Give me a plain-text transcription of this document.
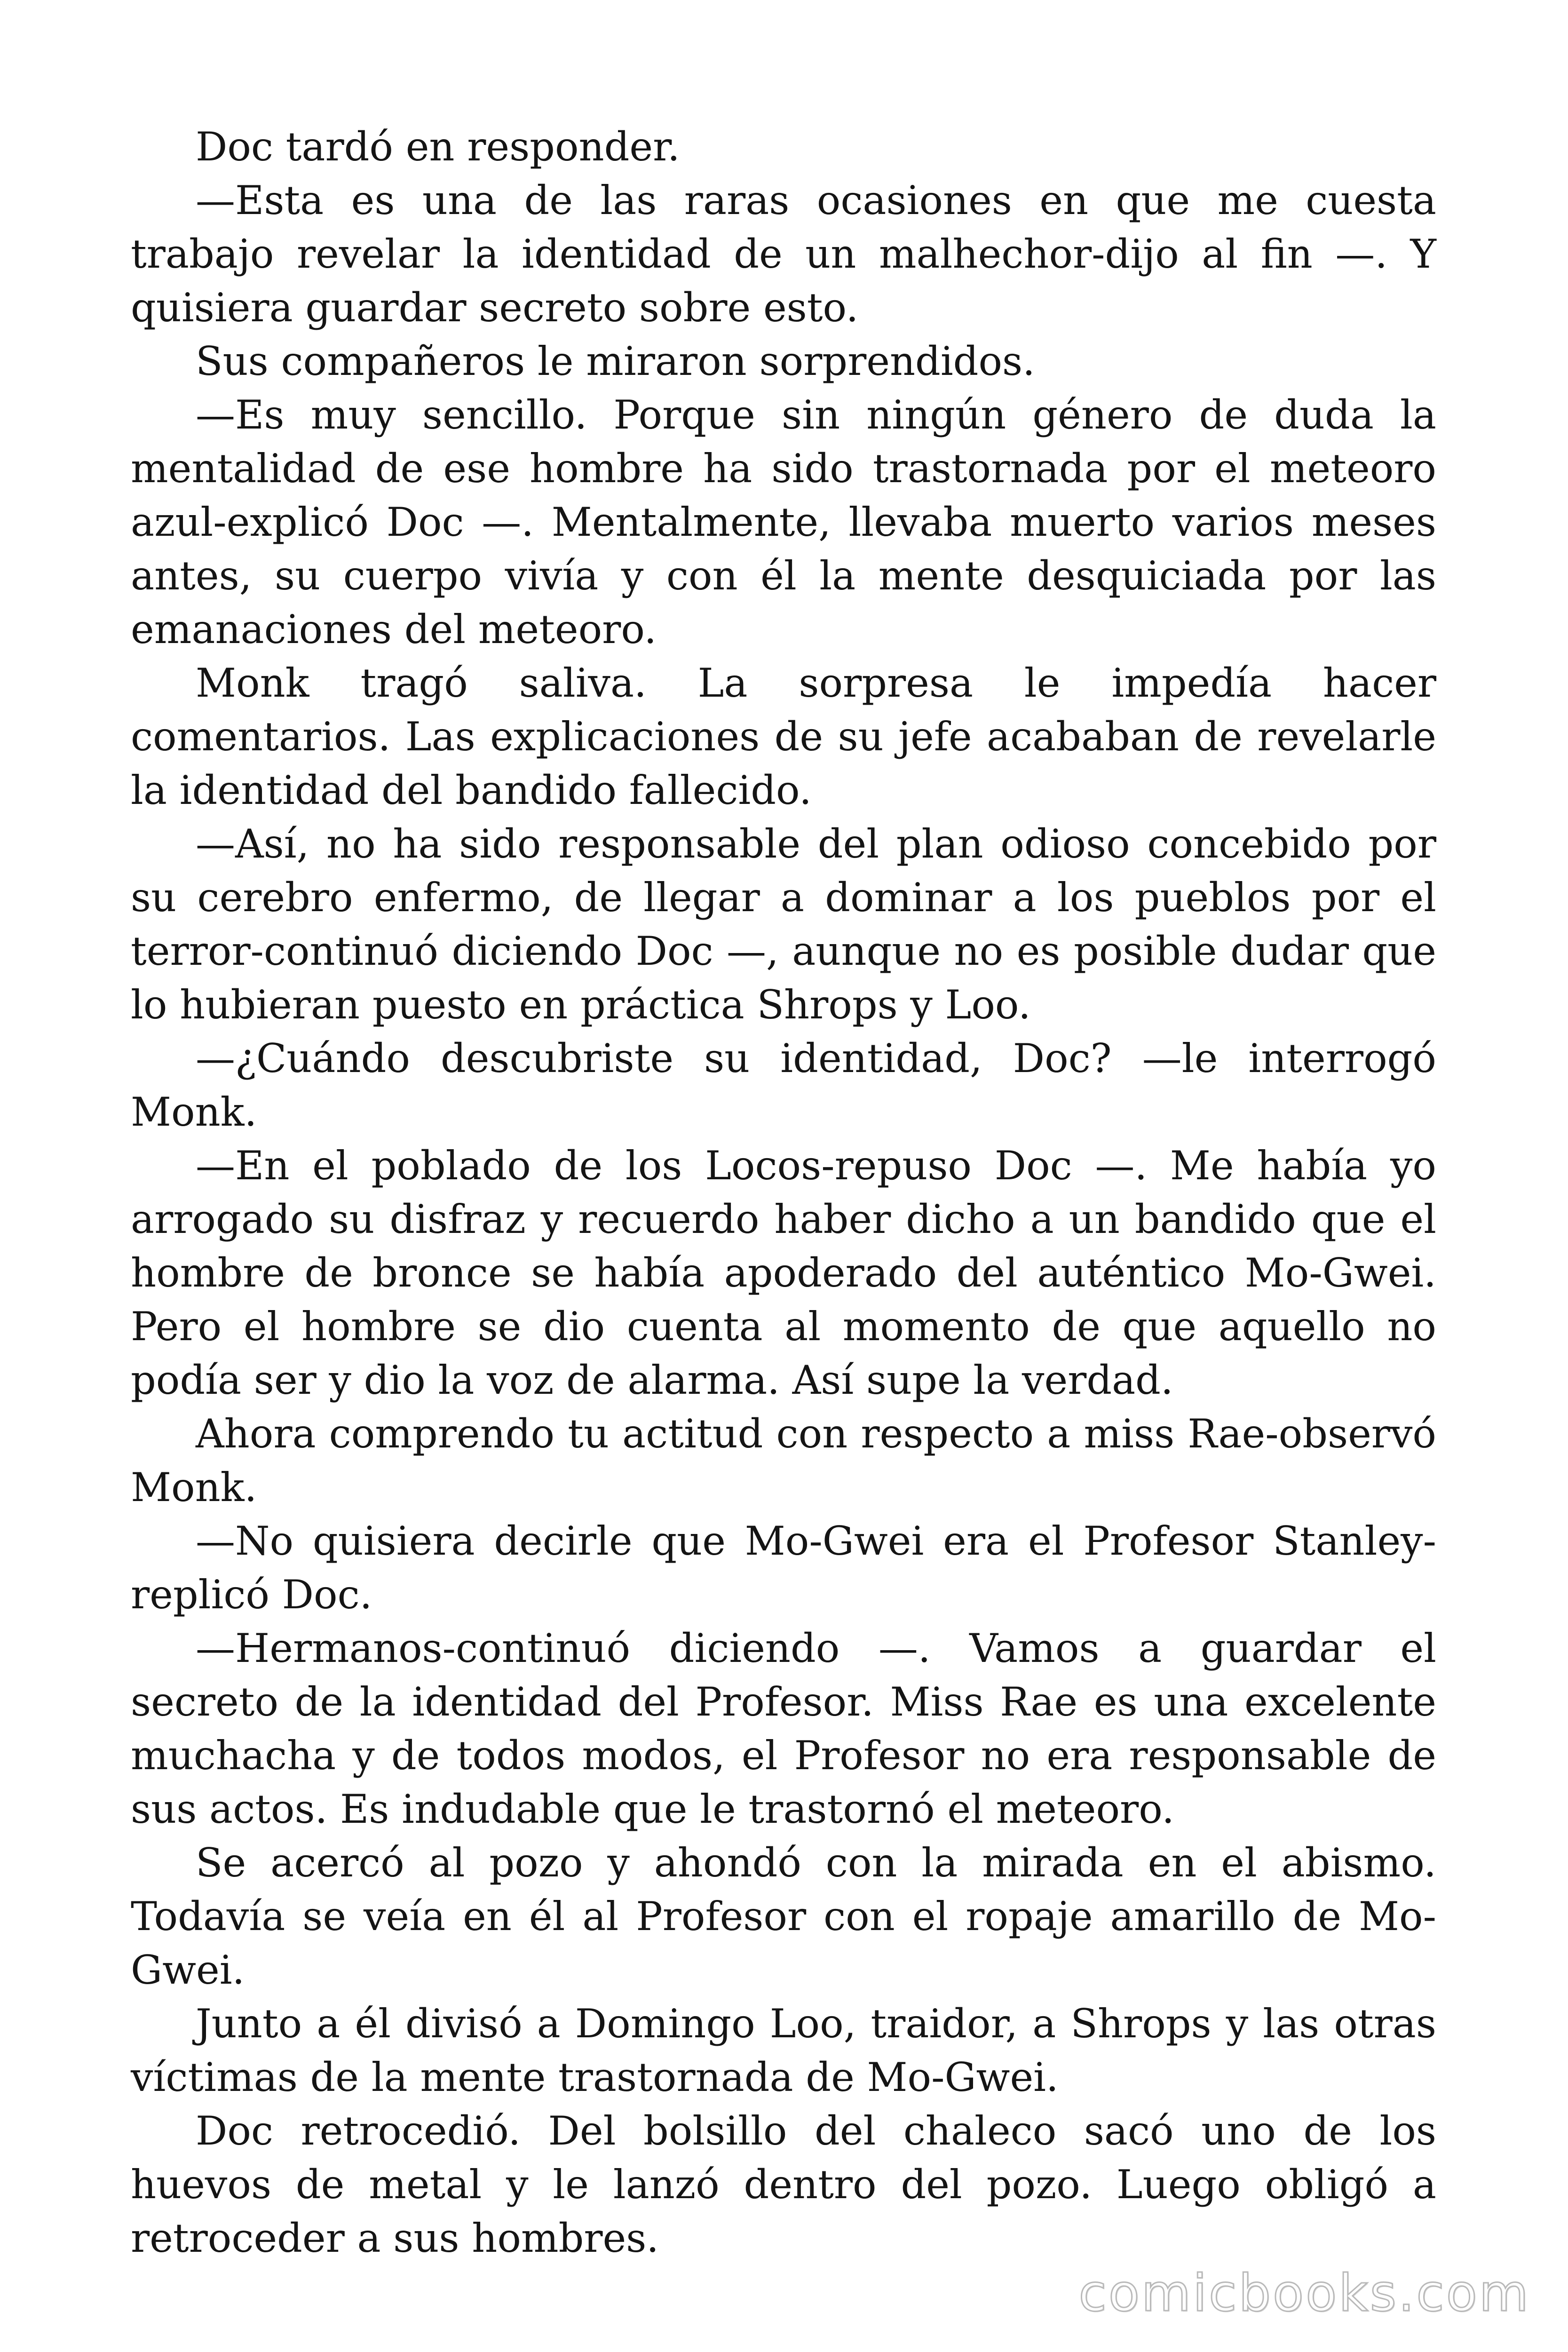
Doc tardó en responder.

—Esta es una de las raras ocasiones en que me cuesta trabajo revelar la identidad de un malhechor-dijo al fin —. Y quisiera guardar secreto sobre esto.

Sus compañeros le miraron sorprendidos.

—Es muy sencillo. Porque sin ningún género de duda la mentalidad de ese hombre ha sido trastornada por el meteoro azul-explicó Doc —. Mentalmente, llevaba muerto varios meses antes, su cuerpo vivía y con él la mente desquiciada por las emanaciones del meteoro.

Monk tragó saliva. La sorpresa le impedía hacer comentarios. Las explicaciones de su jefe acababan de revelarle la identidad del bandido fallecido.

—Así, no ha sido responsable del plan odioso concebido por su cerebro enfermo, de llegar a dominar a los pueblos por el terror-continuó diciendo Doc —, aunque no es posible dudar que lo hubieran puesto en práctica Shrops y Loo.

—¿Cuándo descubriste su identidad, Doc? —le interrogó Monk.

—En el poblado de los Locos-repuso Doc —. Me había yo arrogado su disfraz y recuerdo haber dicho a un bandido que el hombre de bronce se había apoderado del auténtico Mo-Gwei. Pero el hombre se dio cuenta al momento de que aquello no podía ser y dio la voz de alarma. Así supe la verdad.

Ahora comprendo tu actitud con respecto a miss Rae-observó Monk.

—No quisiera decirle que Mo-Gwei era el Profesor Stanley-replicó Doc.

—Hermanos-continuó diciendo —. Vamos a guardar el secreto de la identidad del Profesor. Miss Rae es una excelente muchacha y de todos modos, el Profesor no era responsable de sus actos. Es indudable que le trastornó el meteoro.

Se acercó al pozo y ahondó con la mirada en el abismo. Todavía se veía en él al Profesor con el ropaje amarillo de Mo-Gwei.

Junto a él divisó a Domingo Loo, traidor, a Shrops y las otras víctimas de la mente trastornada de Mo-Gwei.

Doc retrocedió. Del bolsillo del chaleco sacó uno de los huevos de metal y le lanzó dentro del pozo. Luego obligó a retroceder a sus hombres.

comicbooks.com
